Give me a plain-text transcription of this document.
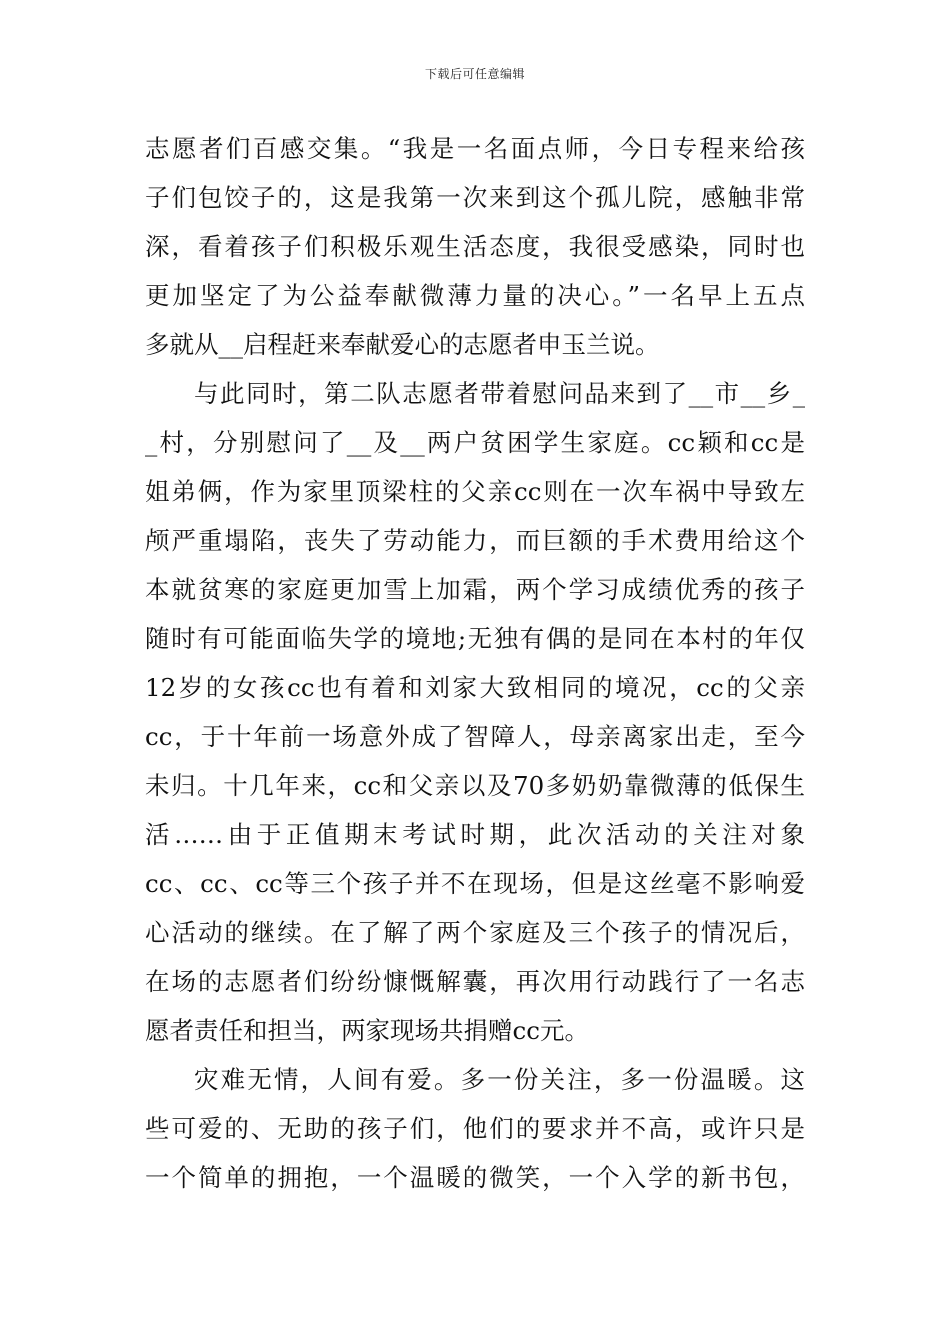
下载后可任意编辑
志愿者们百感交集。“我是一名面点师，今日专程来给孩
子们包饺子的，这是我第一次来到这个孤儿院，感触非常
深，看着孩子们积极乐观生活态度，我很受感染，同时也
更加坚定了为公益奉献微薄力量的决心。”一名早上五点
多就从__启程赶来奉献爱心的志愿者申玉兰说。
与此同时，第二队志愿者带着慰问品来到了__市__乡_
_村，分别慰问了__及__两户贫困学生家庭。cc颖和cc是
姐弟俩，作为家里顶梁柱的父亲cc则在一次车祸中导致左
颅严重塌陷，丧失了劳动能力，而巨额的手术费用给这个
本就贫寒的家庭更加雪上加霜，两个学习成绩优秀的孩子
随时有可能面临失学的境地;无独有偶的是同在本村的年仅
12岁的女孩cc也有着和刘家大致相同的境况，cc的父亲
cc，于十年前一场意外成了智障人，母亲离家出走，至今
未归。十几年来，cc和父亲以及70多奶奶靠微薄的低保生
活……由于正值期末考试时期，此次活动的关注对象
cc、cc、cc等三个孩子并不在现场，但是这丝毫不影响爱
心活动的继续。在了解了两个家庭及三个孩子的情况后，
在场的志愿者们纷纷慷慨解囊，再次用行动践行了一名志
愿者责任和担当，两家现场共捐赠cc元。
灾难无情，人间有爱。多一份关注，多一份温暖。这
些可爱的、无助的孩子们，他们的要求并不高，或许只是
一个简单的拥抱，一个温暖的微笑，一个入学的新书包，
